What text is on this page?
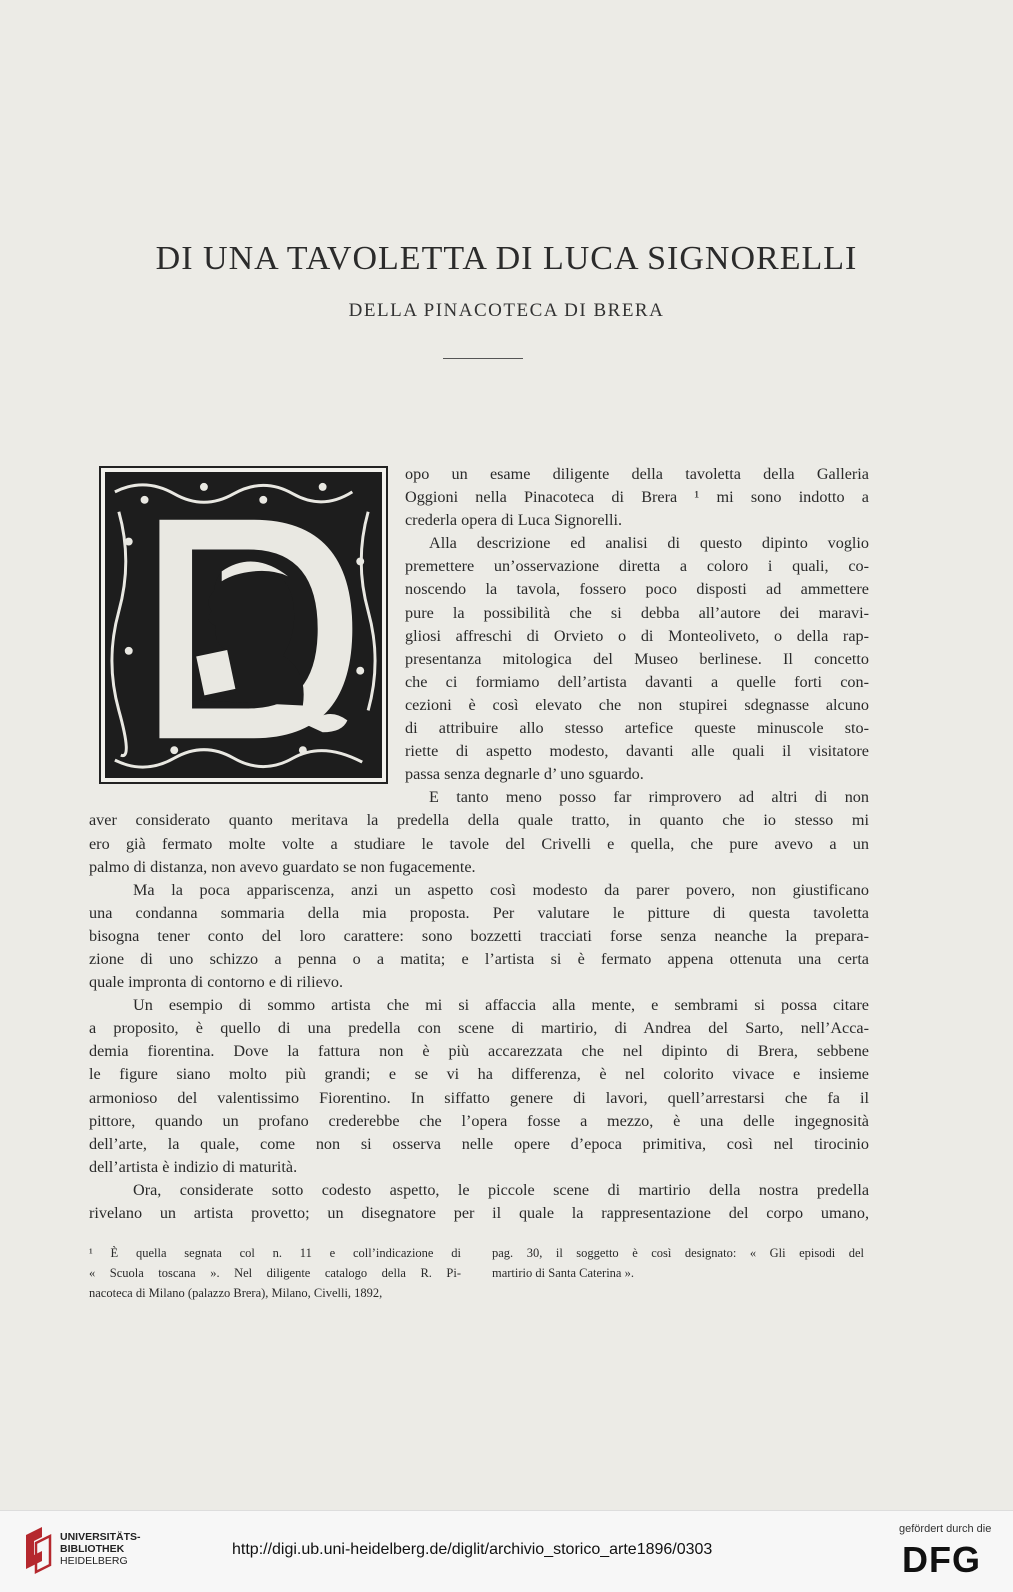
DI UNA TAVOLETTA DI LUCA SIGNORELLI
DELLA PINACOTECA DI BRERA
opo un esame diligente della tavoletta della Galleria
Oggioni nella Pinacoteca di Brera ¹ mi sono indotto a
crederla opera di Luca Signorelli.
Alla descrizione ed analisi di questo dipinto voglio
premettere un’osservazione diretta a coloro i quali, co-
noscendo la tavola, fossero poco disposti ad ammettere
pure la possibilità che si debba all’autore dei maravi-
gliosi affreschi di Orvieto o di Monteoliveto, o della rap-
presentanza mitologica del Museo berlinese. Il concetto
che ci formiamo dell’artista davanti a quelle forti con-
cezioni è così elevato che non stupirei sdegnasse alcuno
di attribuire allo stesso artefice queste minuscole sto-
riette di aspetto modesto, davanti alle quali il visitatore
passa senza degnarle d’ uno sguardo.
E tanto meno posso far rimprovero ad altri di non
aver considerato quanto meritava la predella della quale tratto, in quanto che io stesso mi
ero già fermato molte volte a studiare le tavole del Crivelli e quella, che pure avevo a un
palmo di distanza, non avevo guardato se non fugacemente.
Ma la poca appariscenza, anzi un aspetto così modesto da parer povero, non giustificano
una condanna sommaria della mia proposta. Per valutare le pitture di questa tavoletta
bisogna tener conto del loro carattere: sono bozzetti tracciati forse senza neanche la prepara-
zione di uno schizzo a penna o a matita; e l’artista si è fermato appena ottenuta una certa
quale impronta di contorno e di rilievo.
Un esempio di sommo artista che mi si affaccia alla mente, e sembrami si possa citare
a proposito, è quello di una predella con scene di martirio, di Andrea del Sarto, nell’Acca-
demia fiorentina. Dove la fattura non è più accarezzata che nel dipinto di Brera, sebbene
le figure siano molto più grandi; e se vi ha differenza, è nel colorito vivace e insieme
armonioso del valentissimo Fiorentino. In siffatto genere di lavori, quell’arrestarsi che fa il
pittore, quando un profano crederebbe che l’opera fosse a mezzo, è una delle ingegnosità
dell’arte, la quale, come non si osserva nelle opere d’epoca primitiva, così nel tirocinio
dell’artista è indizio di maturità.
Ora, considerate sotto codesto aspetto, le piccole scene di martirio della nostra predella
rivelano un artista provetto; un disegnatore per il quale la rappresentazione del corpo umano,
¹ È quella segnata col n. 11 e coll’indicazione di
« Scuola toscana ». Nel diligente catalogo della R. Pi-
nacoteca di Milano (palazzo Brera), Milano, Civelli, 1892,
pag. 30, il soggetto è così designato: « Gli episodi del
martirio di Santa Caterina ».
UNIVERSITÄTS-
BIBLIOTHEK
HEIDELBERG
http://digi.ub.uni-heidelberg.de/diglit/archivio_storico_arte1896/0303
gefördert durch die
DFG
